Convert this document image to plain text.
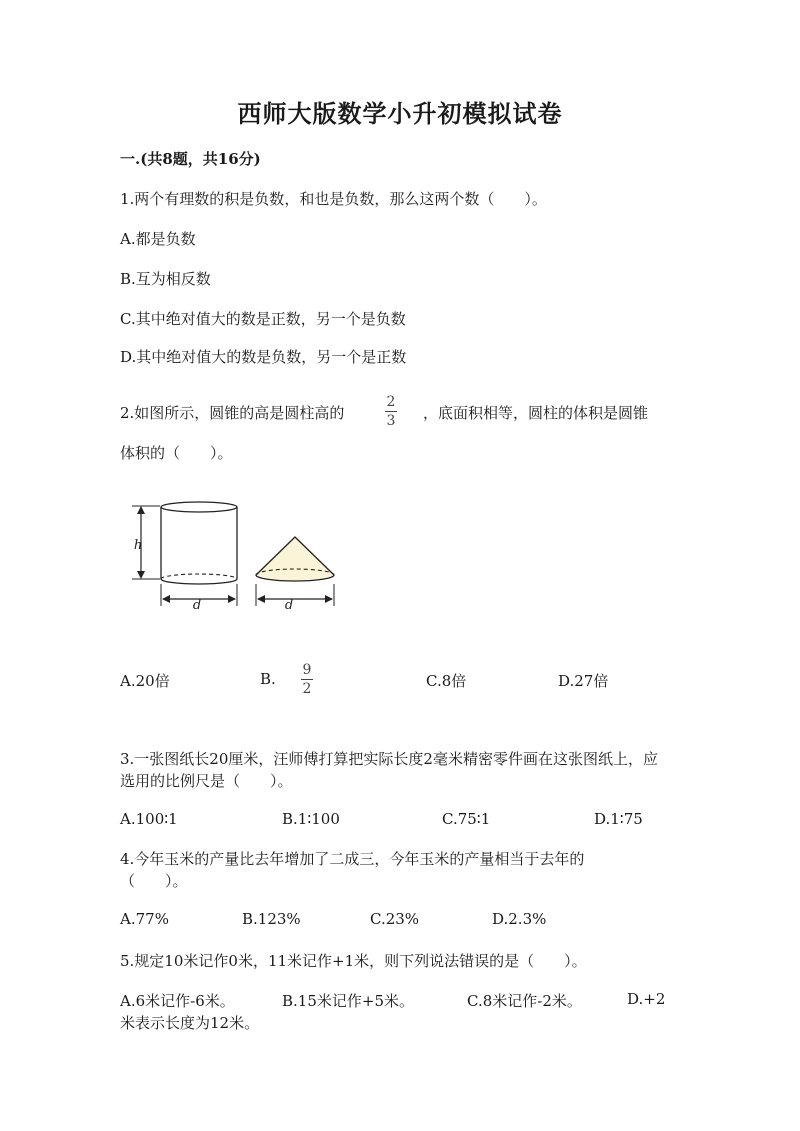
西师大版数学小升初模拟试卷
一.(共8题，共16分)
1.两个有理数的积是负数，和也是负数，那么这两个数（　　）。
A.都是负数
B.互为相反数
C.其中绝对值大的数是正数，另一个是负数
D.其中绝对值大的数是负数，另一个是正数
2.如图所示，圆锥的高是圆柱高的
2
3 ，底面积相等，圆柱的体积是圆锥
体积的（　　）。
h
d	d
A.20倍	B. 9
2	C.8倍	D.27倍
3.一张图纸长20厘米，汪师傅打算把实际长度2毫米精密零件画在这张图纸上，应选用的比例尺是（　　）。
A.100∶1	B.1∶100	C.75∶1	D.1∶75
4.今年玉米的产量比去年增加了二成三，今年玉米的产量相当于去年的（　　）。
A.77%	B.123%	C.23%	D.2.3%
5.规定10米记作0米，11米记作+1米，则下列说法错误的是（　　）。
A.6米记作-6米。	B.15米记作+5米。	C.8米记作-2米。	D.+2
米表示长度为12米。
